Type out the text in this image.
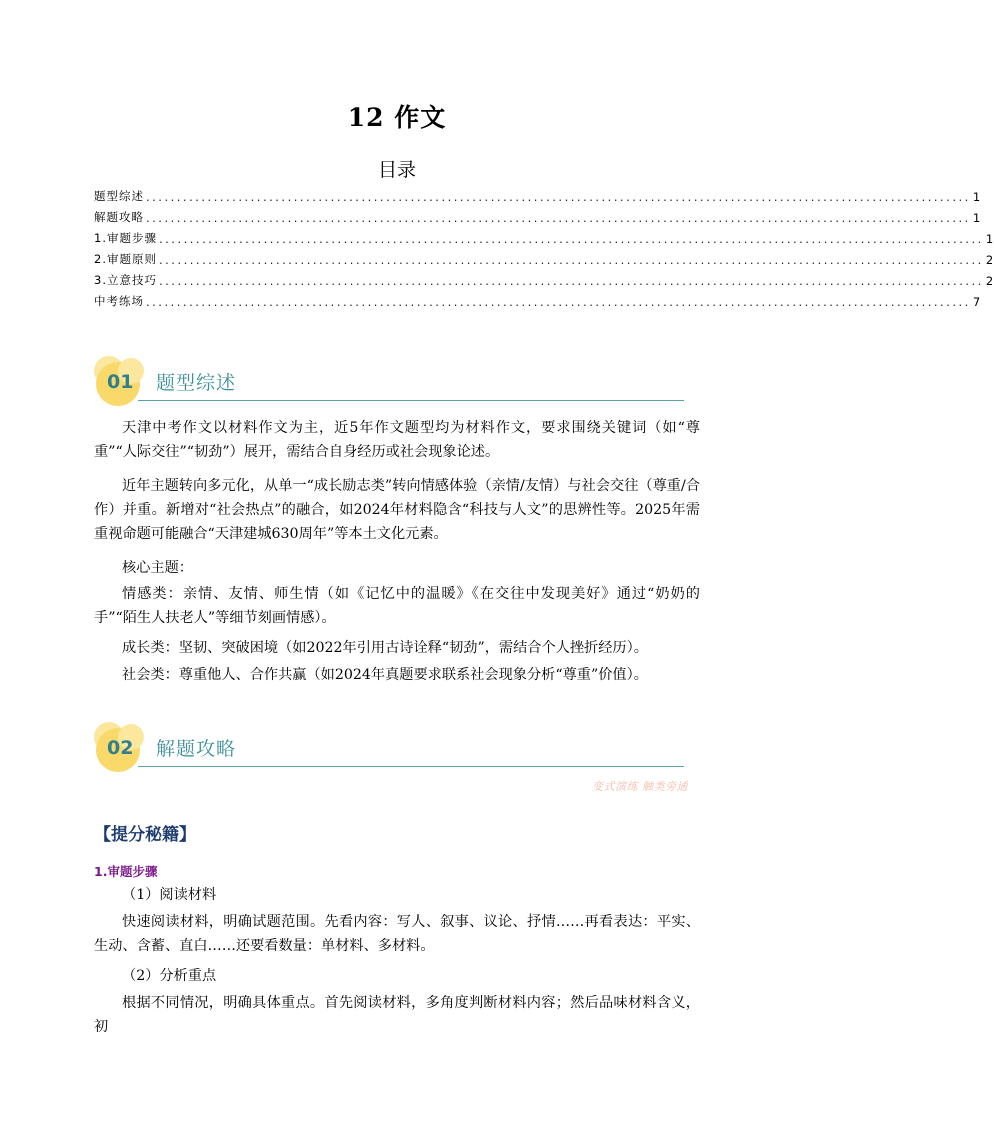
12 作文
目录
题型综述 ...................................................................................................................................... 1
解题攻略 ...................................................................................................................................... 1
1.审题步骤 ...................................................................................................................................... 1
2.审题原则 ...................................................................................................................................... 2
3.立意技巧 ...................................................................................................................................... 2
中考练场 ...................................................................................................................................... 7
01 题型综述
天津中考作文以材料作文为主，近5年作文题型均为材料作文，要求围绕关键词（如“尊重”“人际交往”“韧劲”）展开，需结合自身经历或社会现象论述。
近年主题转向多元化，从单一“成长励志类”转向情感体验（亲情/友情）与社会交往（尊重/合作）并重。新增对“社会热点”的融合，如2024年材料隐含“科技与人文”的思辨性等。2025年需重视命题可能融合“天津建城630周年”等本土文化元素。
核心主题：
情感类：亲情、友情、师生情（如《记忆中的温暖》《在交往中发现美好》通过“奶奶的手”“陌生人扶老人”等细节刻画情感）。
成长类：坚韧、突破困境（如2022年引用古诗诠释“韧劲”，需结合个人挫折经历）。
社会类：尊重他人、合作共赢（如2024年真题要求联系社会现象分析“尊重”价值）。
02 解题攻略
变式演练 触类旁通
【提分秘籍】
1.审题步骤
（1）阅读材料
快速阅读材料，明确试题范围。先看内容：写人、叙事、议论、抒情……再看表达：平实、生动、含蓄、直白……还要看数量：单材料、多材料。
（2）分析重点
根据不同情况，明确具体重点。首先阅读材料，多角度判断材料内容；然后品味材料含义，初
